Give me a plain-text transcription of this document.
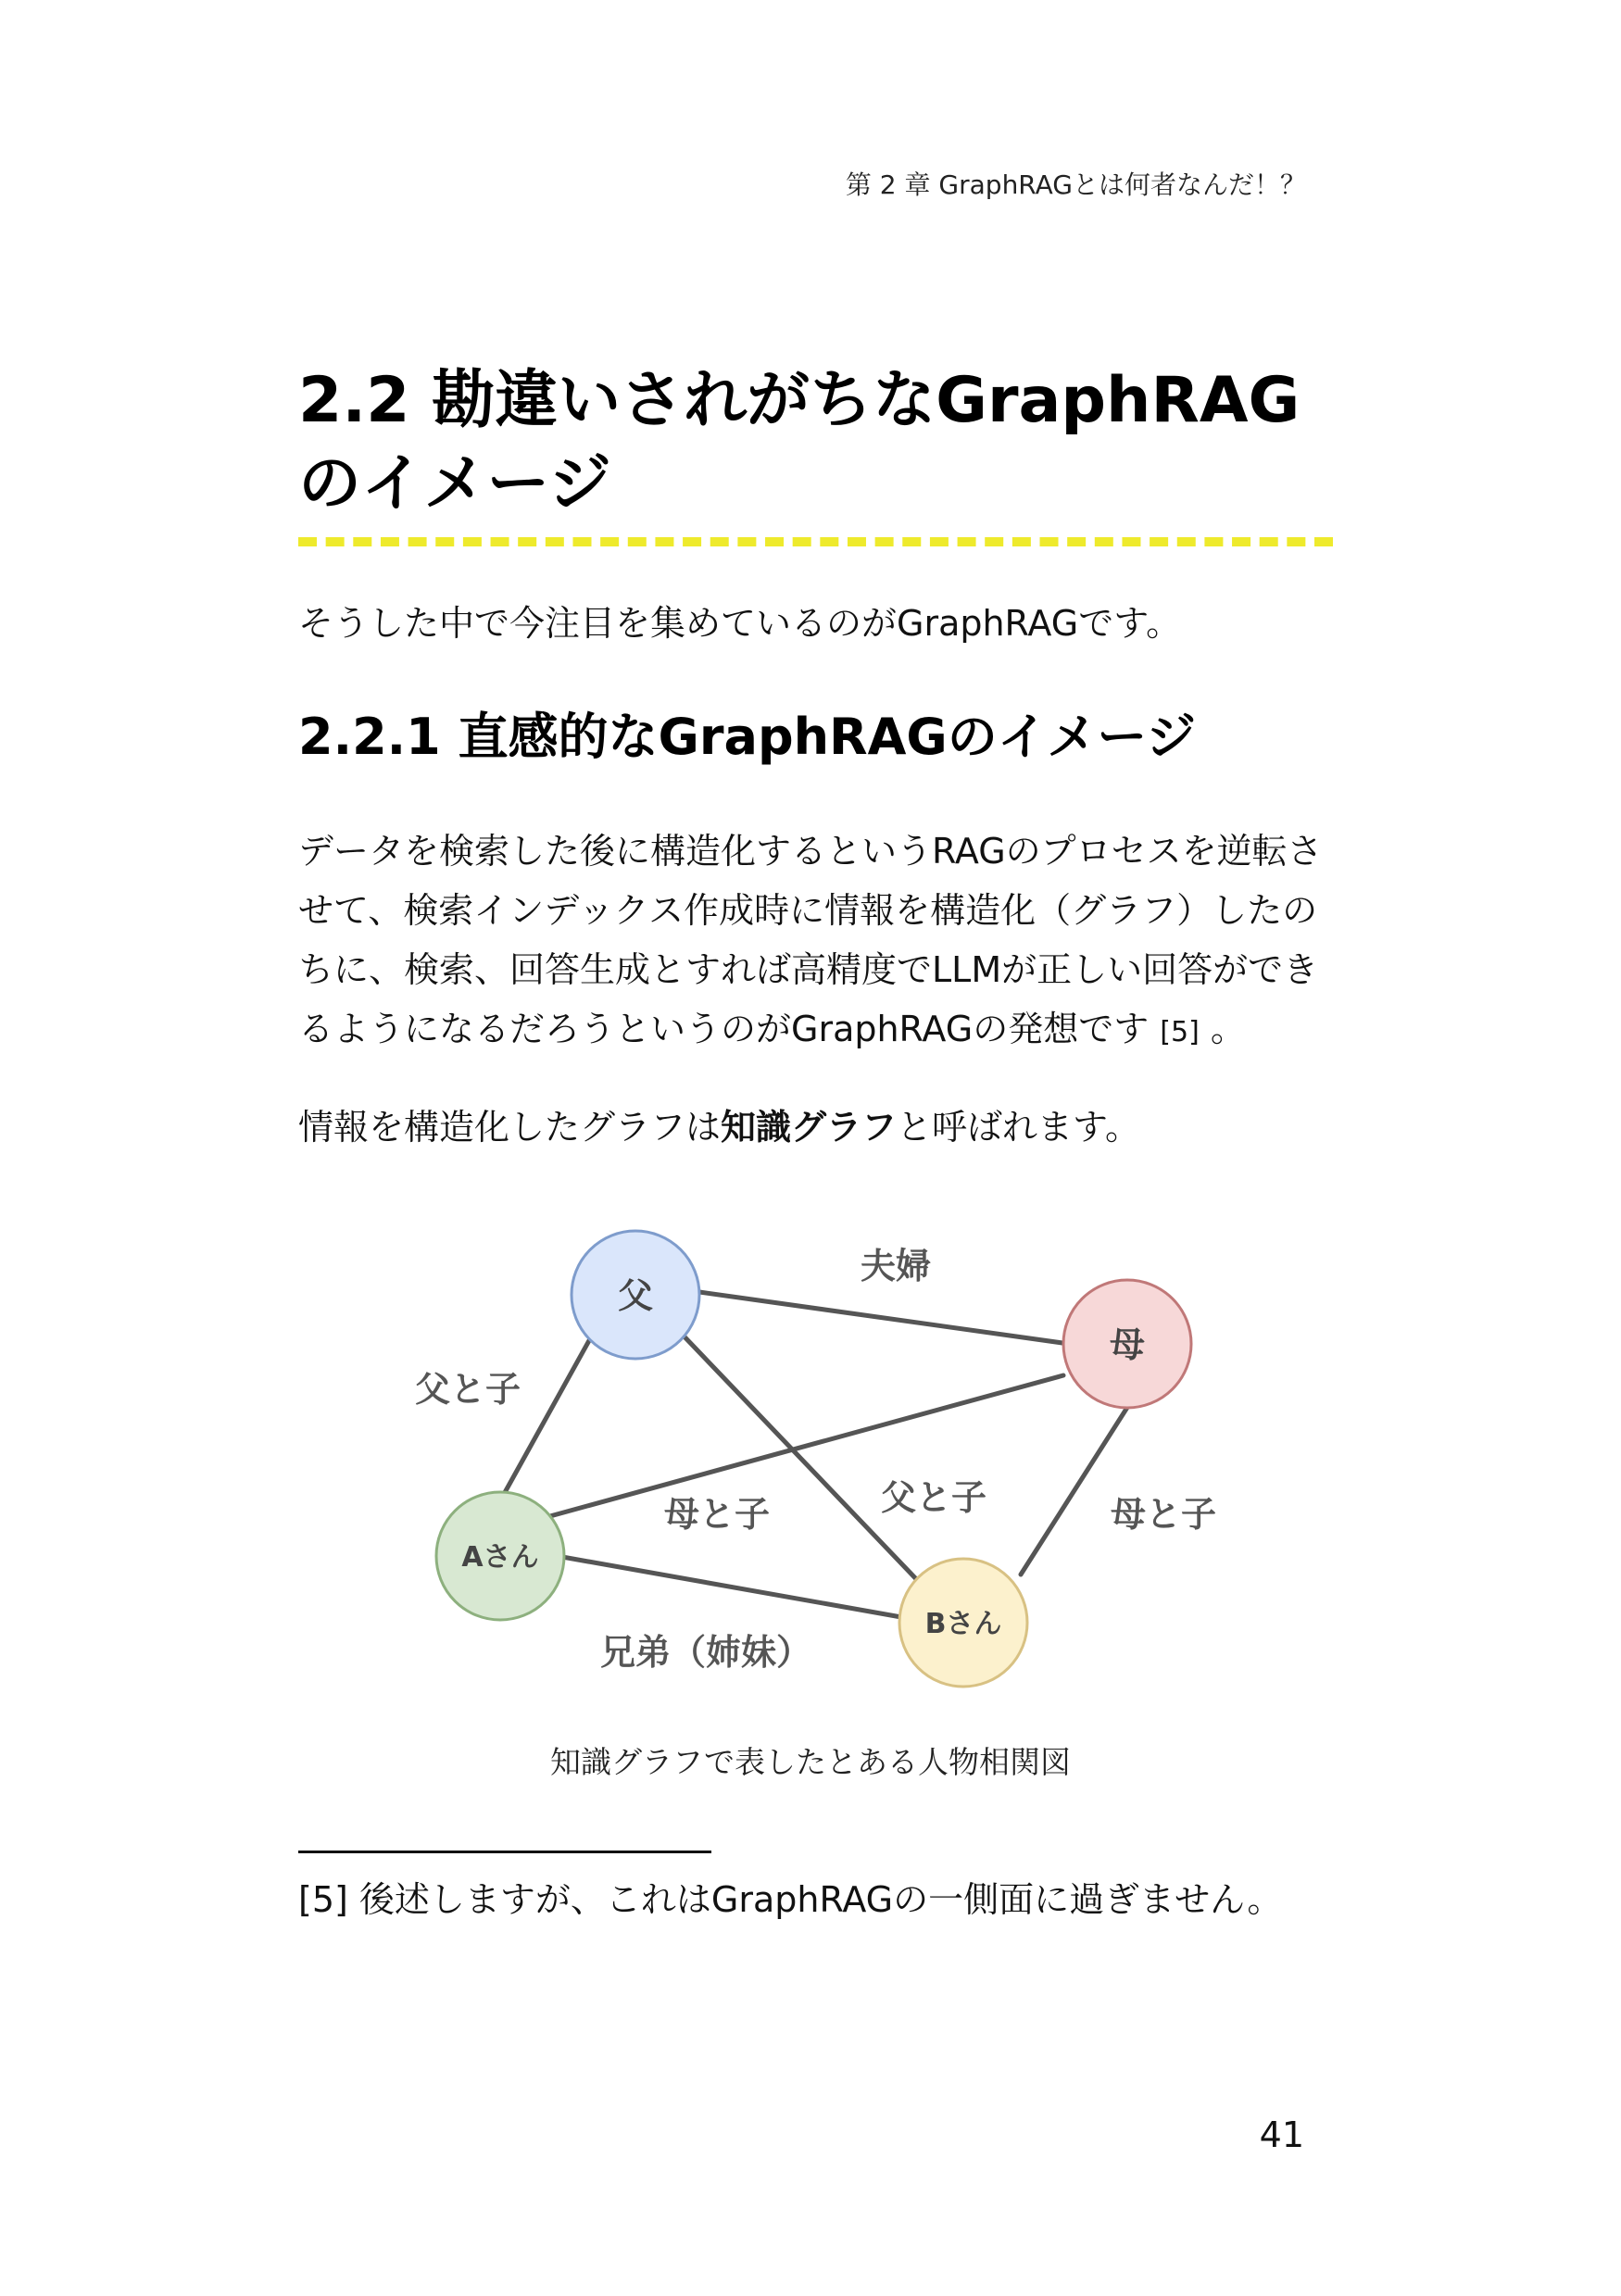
第 2 章 GraphRAGとは何者なんだ！？
2.2 勘違いされがちなGraphRAGのイメージ

そうした中で今注目を集めているのがGraphRAGです。

2.2.1 直感的なGraphRAGのイメージ

データを検索した後に構造化するというRAGのプロセスを逆転させて、検索インデックス作成時に情報を構造化（グラフ）したのちに、検索、回答生成とすれば高精度でLLMが正しい回答ができるようになるだろうというのがGraphRAGの発想です [5] 。

情報を構造化したグラフは知識グラフと呼ばれます。

夫婦
父と子
父と子
母と子	母と子
兄弟（姉妹）
父
母
Aさん
Bさん
知識グラフで表したとある人物相関図

[5] 後述しますが、これはGraphRAGの一側面に過ぎません。

41
